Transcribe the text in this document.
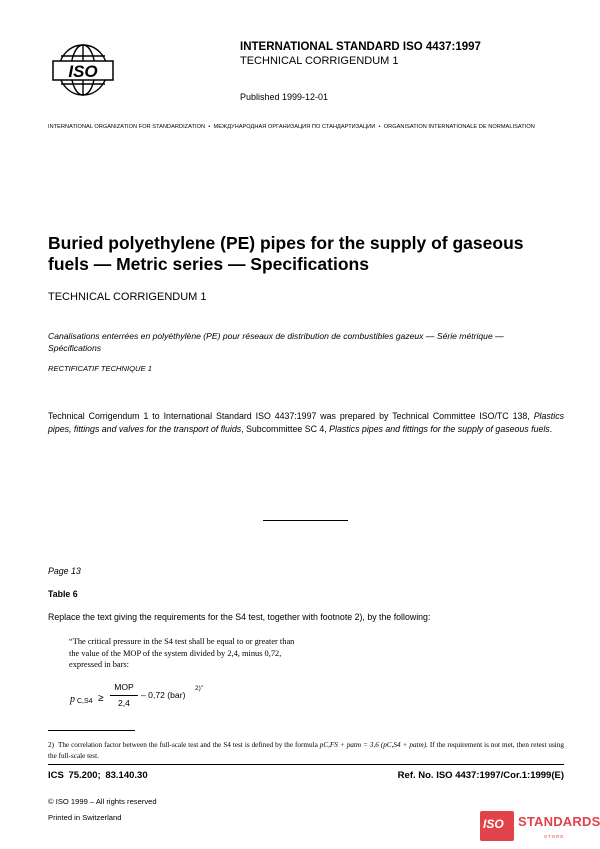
ISO
INTERNATIONAL STANDARD ISO 4437:1997
TECHNICAL CORRIGENDUM 1
Published 1999-12-01
INTERNATIONAL ORGANIZATION FOR STANDARDIZATION • МЕЖДУНАРОДНАЯ ОРГАНИЗАЦИЯ ПО СТАНДАРТИЗАЦИИ • ORGANISATION INTERNATIONALE DE NORMALISATION
Buried polyethylene (PE) pipes for the supply of gaseous fuels — Metric series — Specifications
TECHNICAL CORRIGENDUM 1
Canalisations enterrées en polyéthylène (PE) pour réseaux de distribution de combustibles gazeux — Série métrique — Spécifications
RECTIFICATIF TECHNIQUE 1
Technical Corrigendum 1 to International Standard ISO 4437:1997 was prepared by Technical Committee ISO/TC 138, Plastics pipes, fittings and valves for the transport of fluids, Subcommittee SC 4, Plastics pipes and fittings for the supply of gaseous fuels.
Page 13
Table 6
Replace the text giving the requirements for the S4 test, together with footnote 2), by the following:
“The critical pressure in the S4 test shall be equal to or greater than
the value of the MOP of the system divided by 2,4, minus 0,72,
expressed in bars:
p C,S4 ≥
MOP
2,4
– 0,72 (bar)
2)”
2) The correlation factor between the full-scale test and the S4 test is defined by the formula pC,FS + patm = 3,6 (pC,S4 + patm). If the requirement is not met, then retest using the full-scale test.
ICS 75.200; 83.140.30	Ref. No. ISO 4437:1997/Cor.1:1999(E)
© ISO 1999 – All rights reserved
Printed in Switzerland	ISO STANDARDS
STORE
